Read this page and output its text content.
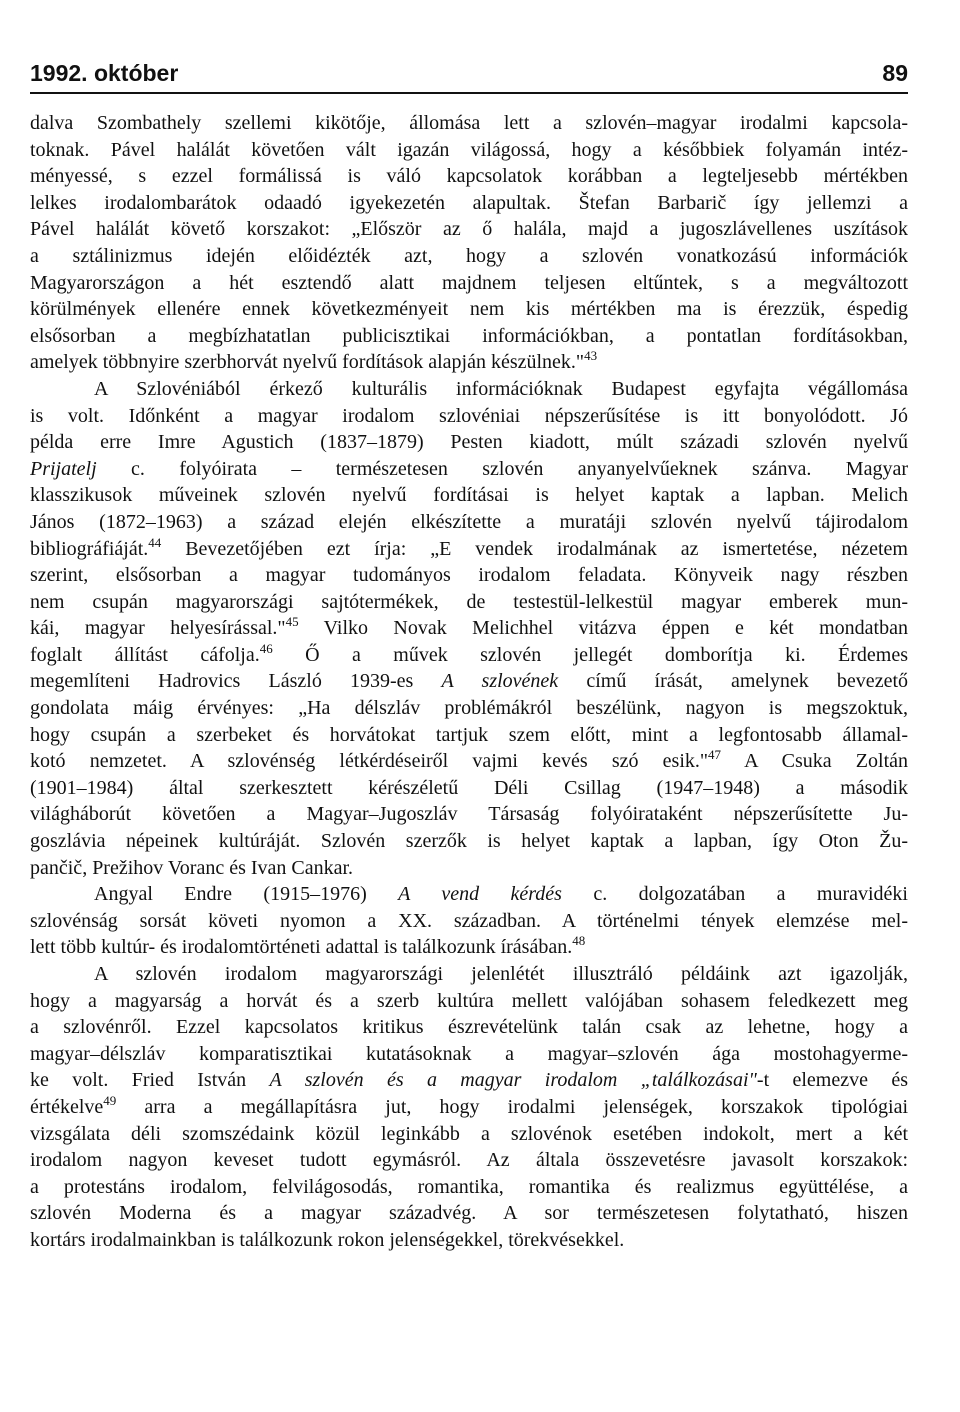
1992. október	89
dalva Szombathely szellemi kikötője, állomása lett a szlovén–magyar irodalmi kapcsola-
toknak. Pável halálát követően vált igazán világossá, hogy a későbbiek folyamán intéz-
ményessé, s ezzel formálissá is váló kapcsolatok korábban a legteljesebb mértékben
lelkes irodalombarátok odaadó igyekezetén alapultak. Štefan Barbarič így jellemzi a
Pável halálát követő korszakot: „Először az ő halála, majd a jugoszlávellenes uszítások
a sztálinizmus idején előidézték azt, hogy a szlovén vonatkozású információk
Magyarországon a hét esztendő alatt majdnem teljesen eltűntek, s a megváltozott
körülmények ellenére ennek következményeit nem kis mértékben ma is érezzük, éspedig
elsősorban a megbízhatatlan publicisztikai információkban, a pontatlan fordításokban,
amelyek többnyire szerbhorvát nyelvű fordítások alapján készülnek."$^{43}$
A Szlovéniából érkező kulturális információknak Budapest egyfajta végállomása
is volt. Időnként a magyar irodalom szlovéniai népszerűsítése is itt bonyolódott. Jó
példa erre Imre Agustich (1837–1879) Pesten kiadott, múlt századi szlovén nyelvű
Prijatelj c. folyóirata – természetesen szlovén anyanyelvűeknek szánva. Magyar
klasszikusok műveinek szlovén nyelvű fordításai is helyet kaptak a lapban. Melich
János (1872–1963) a század elején elkészítette a muratáji szlovén nyelvű tájirodalom
bibliográfiáját.$^{44}$ Bevezetőjében ezt írja: „E vendek irodalmának az ismertetése, nézetem
szerint, elsősorban a magyar tudományos irodalom feladata. Könyveik nagy részben
nem csupán magyarországi sajtótermékek, de testestül-lelkestül magyar emberek mun-
kái, magyar helyesírással."$^{45}$ Vilko Novak Melichhel vitázva éppen e két mondatban
foglalt állítást cáfolja.$^{46}$ Ő a művek szlovén jellegét domborítja ki. Érdemes
megemlíteni Hadrovics László 1939-es A szlovének című írását, amelynek bevezető
gondolata máig érvényes: „Ha délszláv problémákról beszélünk, nagyon is megszoktuk,
hogy csupán a szerbeket és horvátokat tartjuk szem előtt, mint a legfontosabb államal-
kotó nemzetet. A szlovénség létkérdéseiről vajmi kevés szó esik."$^{47}$ A Csuka Zoltán
(1901–1984) által szerkesztett kérészéletű Déli Csillag (1947–1948) a második
világháborút követően a Magyar–Jugoszláv Társaság folyóirataként népszerűsítette Ju-
goszlávia népeinek kultúráját. Szlovén szerzők is helyet kaptak a lapban, így Oton Žu-
pančič, Prežihov Voranc és Ivan Cankar.
Angyal Endre (1915–1976) A vend kérdés c. dolgozatában a muravidéki
szlovénság sorsát követi nyomon a XX. században. A történelmi tények elemzése mel-
lett több kultúr- és irodalomtörténeti adattal is találkozunk írásában.$^{48}$
A szlovén irodalom magyarországi jelenlétét illusztráló példáink azt igazolják,
hogy a magyarság a horvát és a szerb kultúra mellett valójában sohasem feledkezett meg
a szlovénről. Ezzel kapcsolatos kritikus észrevételünk talán csak az lehetne, hogy a
magyar–délszláv komparatisztikai kutatásoknak a magyar–szlovén ága mostohagyerme-
ke volt. Fried István A szlovén és a magyar irodalom „találkozásai"-t elemezve és
értékelve$^{49}$ arra a megállapításra jut, hogy irodalmi jelenségek, korszakok tipológiai
vizsgálata déli szomszédaink közül leginkább a szlovénok esetében indokolt, mert a két
irodalom nagyon keveset tudott egymásról. Az általa összevetésre javasolt korszakok:
a protestáns irodalom, felvilágosodás, romantika, romantika és realizmus együttélése, a
szlovén Moderna és a magyar századvég. A sor természetesen folytatható, hiszen
kortárs irodalmainkban is találkozunk rokon jelenségekkel, törekvésekkel.
